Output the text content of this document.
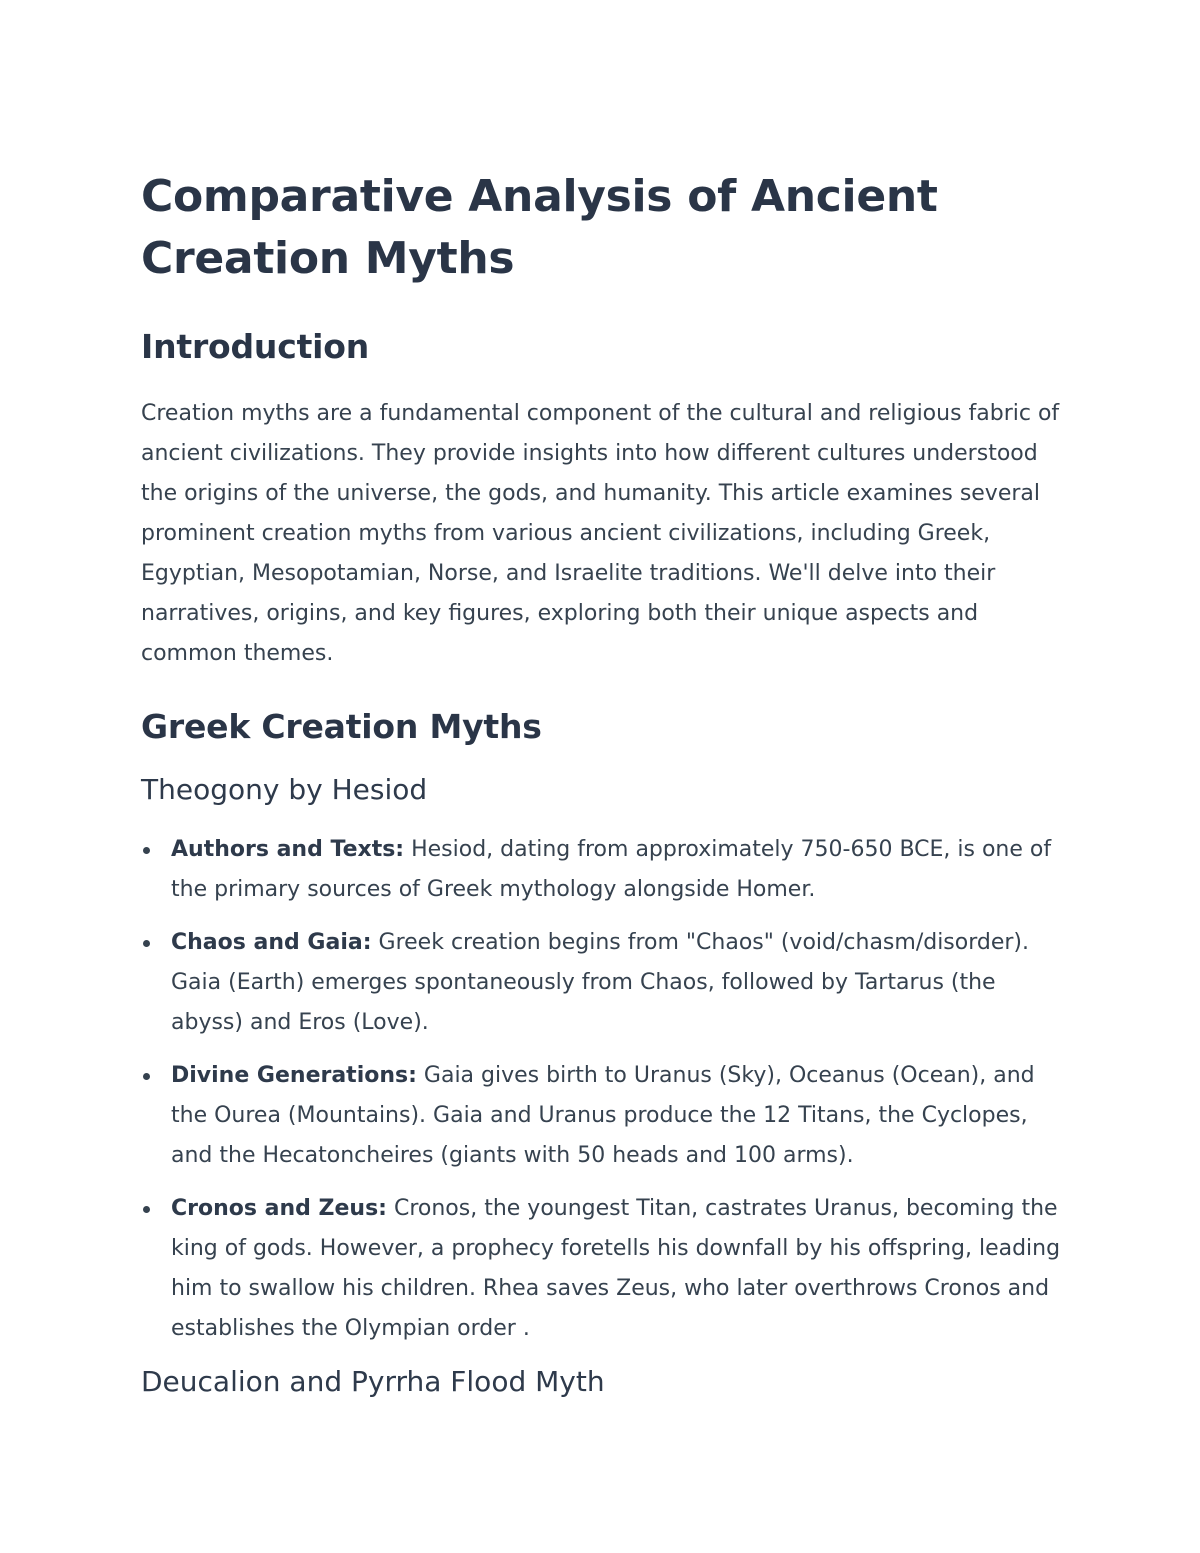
Comparative Analysis of Ancient Creation Myths
Introduction

Creation myths are a fundamental component of the cultural and religious fabric of ancient civilizations. They provide insights into how different cultures understood the origins of the universe, the gods, and humanity. This article examines several prominent creation myths from various ancient civilizations, including Greek, Egyptian, Mesopotamian, Norse, and Israelite traditions. We'll delve into their narratives, origins, and key figures, exploring both their unique aspects and common themes.

Greek Creation Myths
Theogony by Hesiod
Authors and Texts: Hesiod, dating from approximately 750-650 BCE, is one of the primary sources of Greek mythology alongside Homer.
Chaos and Gaia: Greek creation begins from "Chaos" (void/chasm/disorder). Gaia (Earth) emerges spontaneously from Chaos, followed by Tartarus (the abyss) and Eros (Love).
Divine Generations: Gaia gives birth to Uranus (Sky), Oceanus (Ocean), and the Ourea (Mountains). Gaia and Uranus produce the 12 Titans, the Cyclopes, and the Hecatoncheires (giants with 50 heads and 100 arms).
Cronos and Zeus: Cronos, the youngest Titan, castrates Uranus, becoming the king of gods. However, a prophecy foretells his downfall by his offspring, leading him to swallow his children. Rhea saves Zeus, who later overthrows Cronos and establishes the Olympian order .
Deucalion and Pyrrha Flood Myth
